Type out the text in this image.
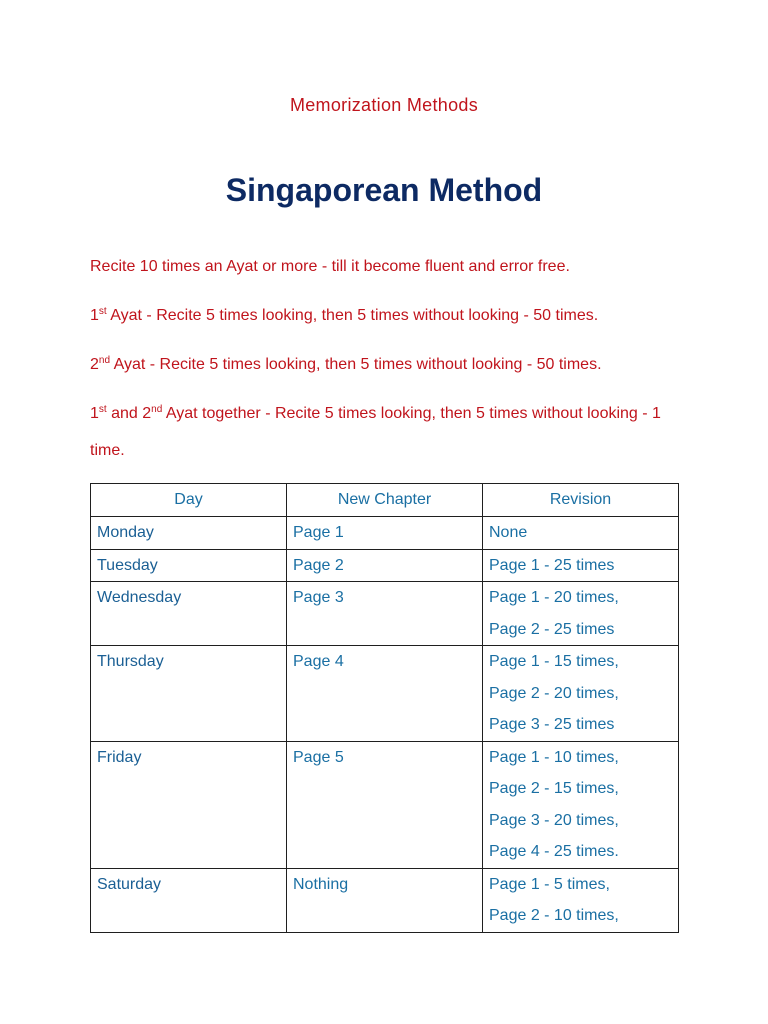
Memorization Methods
Singaporean Method
Recite 10 times an Ayat or more - till it become fluent and error free.
1st Ayat - Recite 5 times looking, then 5 times without looking - 50 times.
2nd Ayat - Recite 5 times looking, then 5 times without looking - 50 times.
1st and 2nd Ayat together - Recite 5 times looking, then 5 times without looking - 1 time.
Day	New Chapter	Revision

Monday	Page 1	None

Tuesday	Page 2	Page 1 - 25 times

Wednesday	Page 3	Page 1 - 20 times,
Page 2 - 25 times

Thursday	Page 4	Page 1 - 15 times,
Page 2 - 20 times,
Page 3 - 25 times

Friday	Page 5	Page 1 - 10 times,
Page 2 - 15 times,
Page 3 - 20 times,
Page 4 - 25 times.

Saturday	Nothing	Page 1 - 5 times,
Page 2 - 10 times,
